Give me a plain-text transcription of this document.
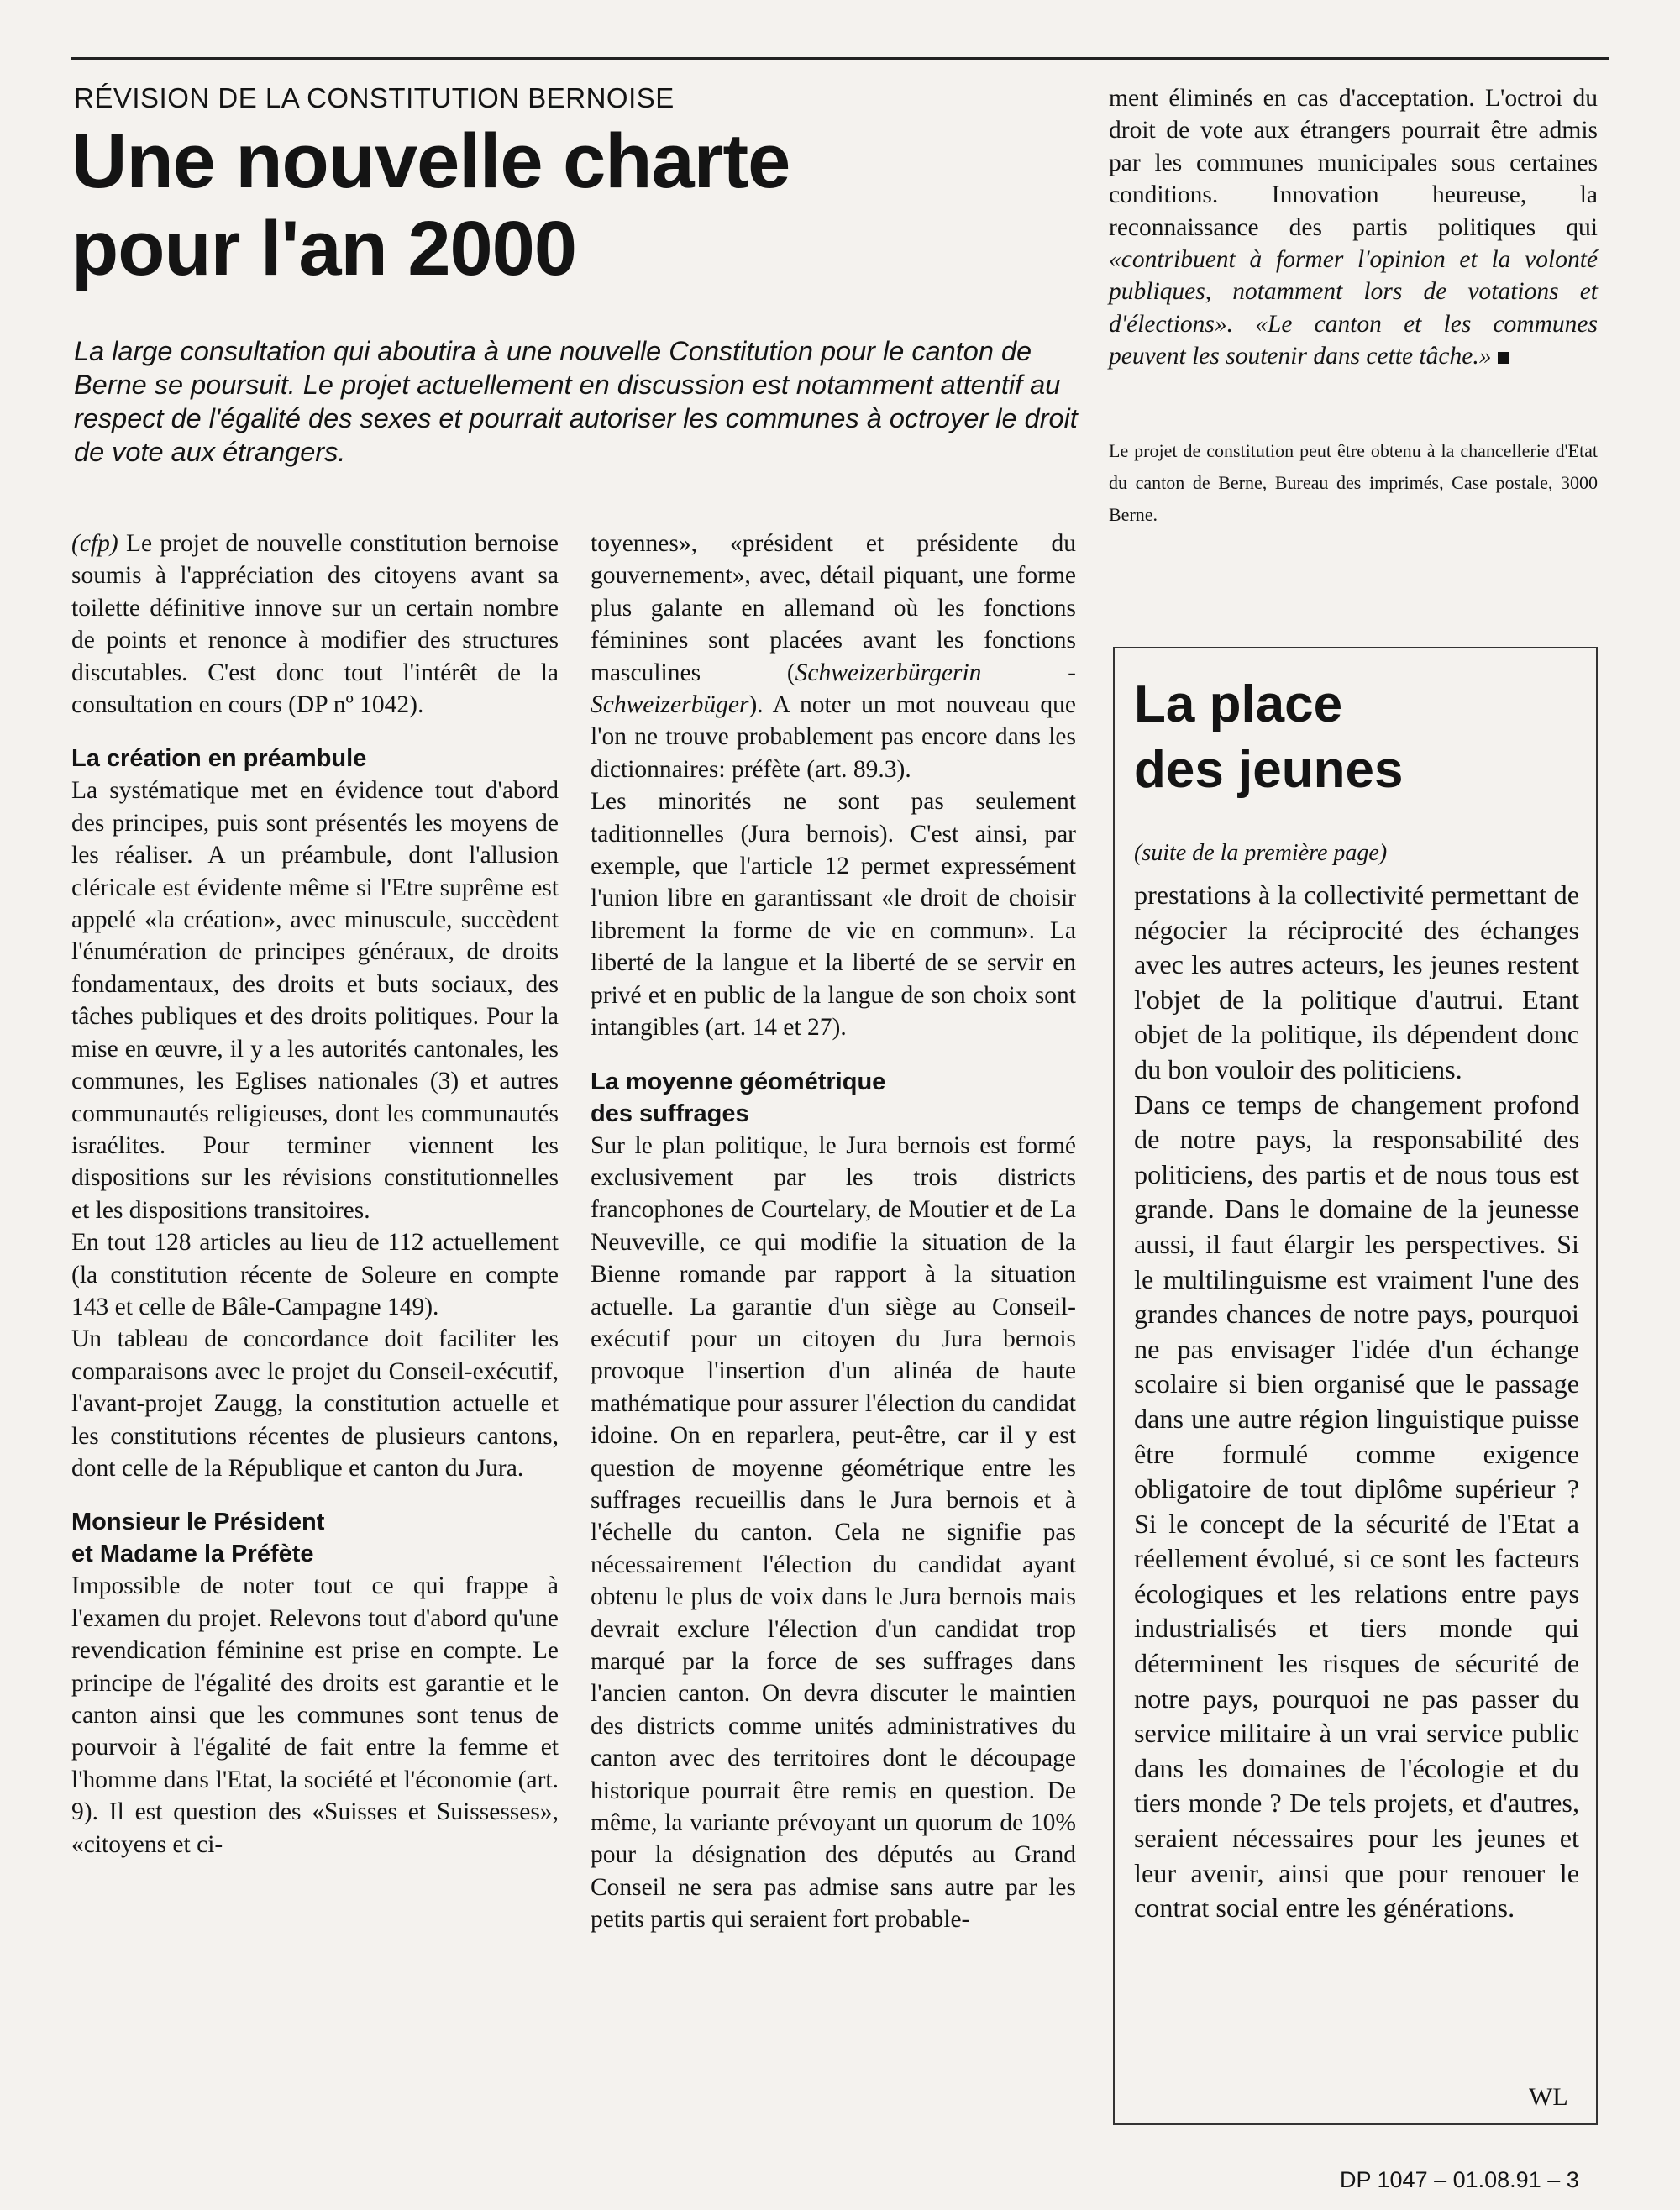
RÉVISION DE LA CONSTITUTION BERNOISE
Une nouvelle charte
pour l'an 2000
La large consultation qui aboutira à une nouvelle Constitution pour le canton de Berne se poursuit. Le projet actuellement en discussion est notamment attentif au respect de l'égalité des sexes et pourrait autoriser les communes à octroyer le droit de vote aux étrangers.

(cfp) Le projet de nouvelle constitution bernoise soumis à l'appréciation des citoyens avant sa toilette définitive innove sur un certain nombre de points et renonce à modifier des structures discutables. C'est donc tout l'intérêt de la consultation en cours (DP nº 1042).

La création en préambule

La systématique met en évidence tout d'abord des principes, puis sont présentés les moyens de les réaliser. A un préambule, dont l'allusion cléricale est évidente même si l'Etre suprême est appelé «la création», avec minuscule, succèdent l'énumération de principes généraux, de droits fondamentaux, des droits et buts sociaux, des tâches publiques et des droits politiques. Pour la mise en œuvre, il y a les autorités cantonales, les communes, les Eglises nationales (3) et autres communautés religieuses, dont les communautés israélites. Pour terminer viennent les dispositions sur les révisions constitutionnelles et les dispositions transitoires.

En tout 128 articles au lieu de 112 actuellement (la constitution récente de Soleure en compte 143 et celle de Bâle-Campagne 149).

Un tableau de concordance doit faciliter les comparaisons avec le projet du Conseil-exécutif, l'avant-projet Zaugg, la constitution actuelle et les constitutions récentes de plusieurs cantons, dont celle de la République et canton du Jura.

Monsieur le Président
et Madame la Préfète

Impossible de noter tout ce qui frappe à l'examen du projet. Relevons tout d'abord qu'une revendication féminine est prise en compte. Le principe de l'égalité des droits est garantie et le canton ainsi que les communes sont tenus de pourvoir à l'égalité de fait entre la femme et l'homme dans l'Etat, la société et l'économie (art. 9). Il est question des «Suisses et Suissesses», «citoyens et ci-

toyennes», «président et présidente du gouvernement», avec, détail piquant, une forme plus galante en allemand où les fonctions féminines sont placées avant les fonctions masculines (Schweizerbürgerin - Schweizerbüger). A noter un mot nouveau que l'on ne trouve probablement pas encore dans les dictionnaires: préfète (art. 89.3).

Les minorités ne sont pas seulement taditionnelles (Jura bernois). C'est ainsi, par exemple, que l'article 12 permet expressément l'union libre en garantissant «le droit de choisir librement la forme de vie en commun». La liberté de la langue et la liberté de se servir en privé et en public de la langue de son choix sont intangibles (art. 14 et 27).

La moyenne géométrique
des suffrages

Sur le plan politique, le Jura bernois est formé exclusivement par les trois districts francophones de Courtelary, de Moutier et de La Neuveville, ce qui modifie la situation de la Bienne romande par rapport à la situation actuelle. La garantie d'un siège au Conseil-exécutif pour un citoyen du Jura bernois provoque l'insertion d'un alinéa de haute mathématique pour assurer l'élection du candidat idoine. On en reparlera, peut-être, car il y est question de moyenne géométrique entre les suffrages recueillis dans le Jura bernois et à l'échelle du canton. Cela ne signifie pas nécessairement l'élection du candidat ayant obtenu le plus de voix dans le Jura bernois mais devrait exclure l'élection d'un candidat trop marqué par la force de ses suffrages dans l'ancien canton. On devra discuter le maintien des districts comme unités administratives du canton avec des territoires dont le découpage historique pourrait être remis en question. De même, la variante prévoyant un quorum de 10% pour la désignation des députés au Grand Conseil ne sera pas admise sans autre par les petits partis qui seraient fort probable-

ment éliminés en cas d'acceptation. L'octroi du droit de vote aux étrangers pourrait être admis par les communes municipales sous certaines conditions. Innovation heureuse, la reconnaissance des partis politiques qui «contribuent à former l'opinion et la volonté publiques, notamment lors de votations et d'élections». «Le canton et les communes peuvent les soutenir dans cette tâche.»

Le projet de constitution peut être obtenu à la chancellerie d'Etat du canton de Berne, Bureau des imprimés, Case postale, 3000 Berne.
La place
des jeunes
(suite de la première page)

prestations à la collectivité permettant de négocier la réciprocité des échanges avec les autres acteurs, les jeunes restent l'objet de la politique d'autrui. Etant objet de la politique, ils dépendent donc du bon vouloir des politiciens.

Dans ce temps de changement profond de notre pays, la responsabilité des politiciens, des partis et de nous tous est grande. Dans le domaine de la jeunesse aussi, il faut élargir les perspectives. Si le multilinguisme est vraiment l'une des grandes chances de notre pays, pourquoi ne pas envisager l'idée d'un échange scolaire si bien organisé que le passage dans une autre région linguistique puisse être formulé comme exigence obligatoire de tout diplôme supérieur ? Si le concept de la sécurité de l'Etat a réellement évolué, si ce sont les facteurs écologiques et les relations entre pays industrialisés et tiers monde qui déterminent les risques de sécurité de notre pays, pourquoi ne pas passer du service militaire à un vrai service public dans les domaines de l'écologie et du tiers monde ? De tels projets, et d'autres, seraient nécessaires pour les jeunes et leur avenir, ainsi que pour renouer le contrat social entre les générations.

WL
DP 1047 – 01.08.91 – 3
